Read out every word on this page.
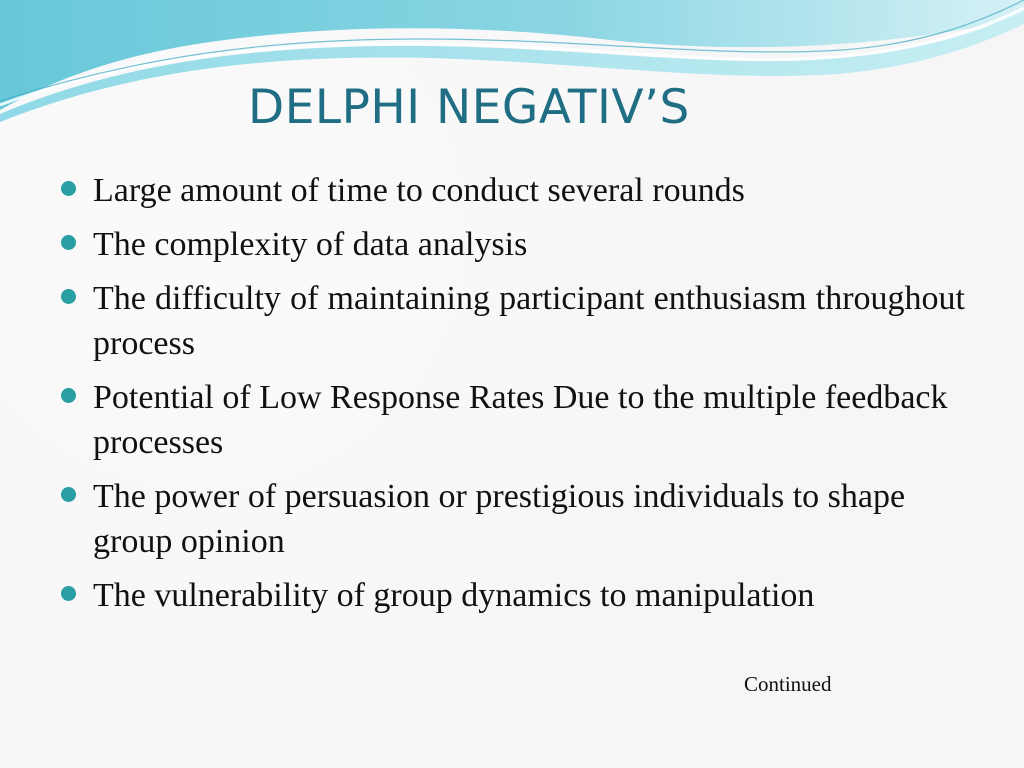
DELPHI NEGATIV’S
Large amount of time to conduct several rounds
The complexity of data analysis
The difficulty of maintaining participant enthusiasm throughout process
Potential of Low Response Rates Due to the multiple feedback processes
The power of persuasion or prestigious individuals to shape group opinion
The vulnerability of group dynamics to manipulation
Continued
